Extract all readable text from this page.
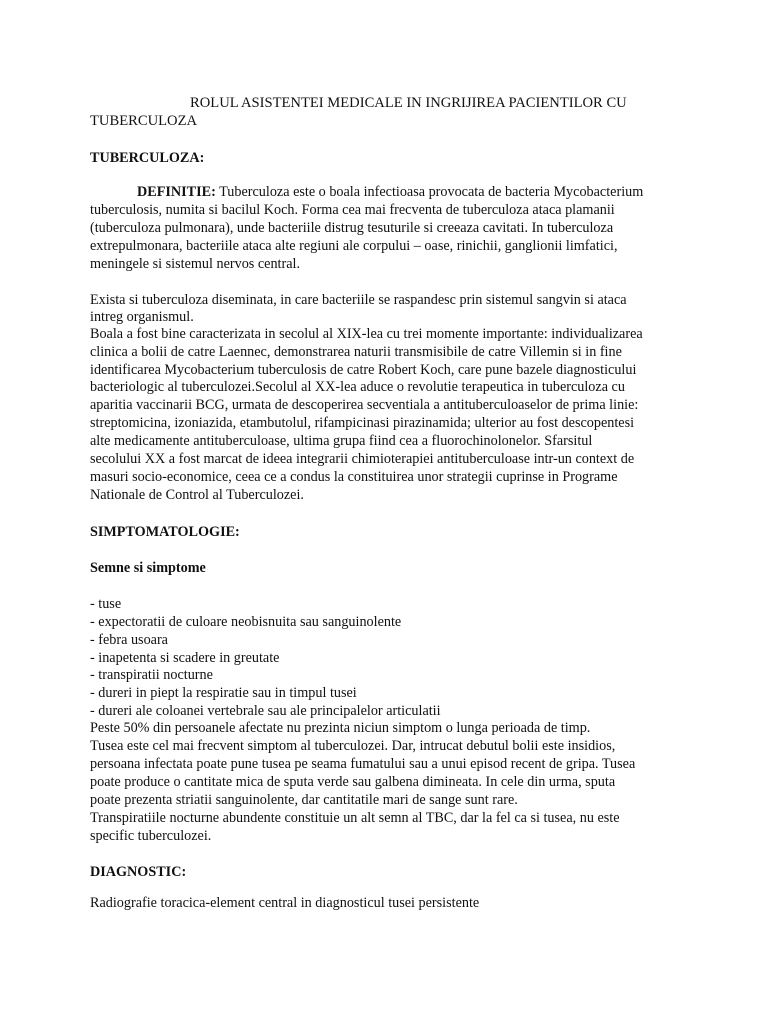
ROLUL ASISTENTEI MEDICALE IN INGRIJIREA PACIENTILOR CU
TUBERCULOZA
TUBERCULOZA:
DEFINITIE: Tuberculoza este o boala infectioasa provocata de bacteria Mycobacterium
tuberculosis, numita si bacilul Koch. Forma cea mai frecventa de tuberculoza ataca plamanii
(tuberculoza pulmonara), unde bacteriile distrug tesuturile si creeaza cavitati. In tuberculoza
extrepulmonara, bacteriile ataca alte regiuni ale corpului – oase, rinichii, ganglionii limfatici,
meningele si sistemul nervos central.
Exista si tuberculoza diseminata, in care bacteriile se raspandesc prin sistemul sangvin si ataca
intreg organismul.
Boala a fost bine caracterizata in secolul al XIX-lea cu trei momente importante: individualizarea
clinica a bolii de catre Laennec, demonstrarea naturii transmisibile de catre Villemin si in fine
identificarea Mycobacterium tuberculosis de catre Robert Koch, care pune bazele diagnosticului
bacteriologic al tuberculozei.Secolul al XX-lea aduce o revolutie terapeutica in tuberculoza cu
aparitia vaccinarii BCG, urmata de descoperirea secventiala a antituberculoaselor de prima linie:
streptomicina, izoniazida, etambutolul, rifampicinasi pirazinamida; ulterior au fost descopentesi
alte medicamente antituberculoase, ultima grupa fiind cea a fluorochinolonelor. Sfarsitul
secolului XX a fost marcat de ideea integrarii chimioterapiei antituberculoase intr-un context de
masuri socio-economice, ceea ce a condus la constituirea unor strategii cuprinse in Programe
Nationale de Control al Tuberculozei.
SIMPTOMATOLOGIE:
Semne si simptome
- tuse
- expectoratii de culoare neobisnuita sau sanguinolente
- febra usoara
- inapetenta si scadere in greutate
- transpiratii nocturne
- dureri in piept la respiratie sau in timpul tusei
- dureri ale coloanei vertebrale sau ale principalelor articulatii
Peste 50% din persoanele afectate nu prezinta niciun simptom o lunga perioada de timp.
Tusea este cel mai frecvent simptom al tuberculozei. Dar, intrucat debutul bolii este insidios,
persoana infectata poate pune tusea pe seama fumatului sau a unui episod recent de gripa. Tusea
poate produce o cantitate mica de sputa verde sau galbena dimineata. In cele din urma, sputa
poate prezenta striatii sanguinolente, dar cantitatile mari de sange sunt rare.
Transpiratiile nocturne abundente constituie un alt semn al TBC, dar la fel ca si tusea, nu este
specific tuberculozei.
DIAGNOSTIC:
Radiografie toracica-element central in diagnosticul tusei persistente
